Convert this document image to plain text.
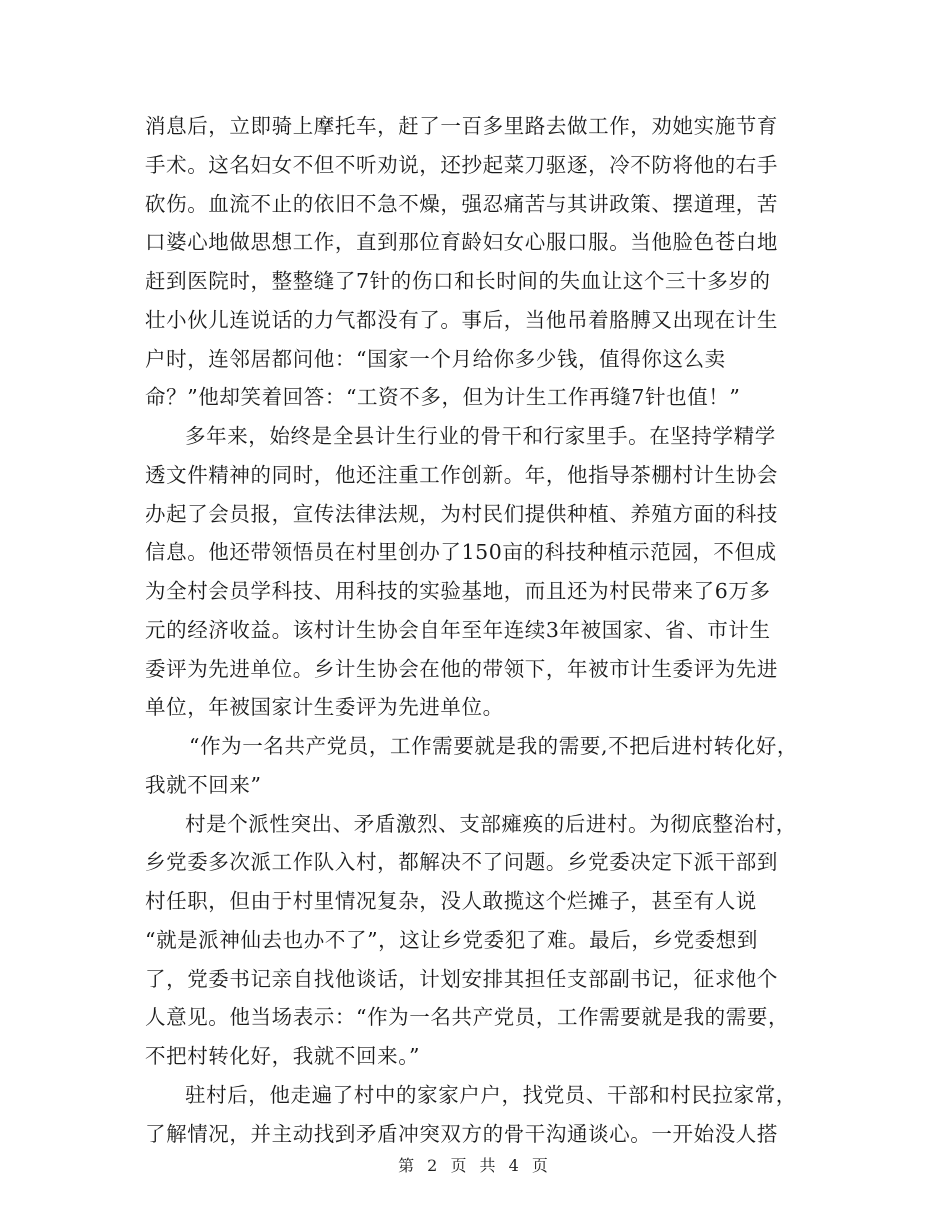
消息后，立即骑上摩托车，赶了一百多里路去做工作，劝她实施节育
手术。这名妇女不但不听劝说，还抄起菜刀驱逐，冷不防将他的右手
砍伤。血流不止的依旧不急不燥，强忍痛苦与其讲政策、摆道理，苦
口婆心地做思想工作，直到那位育龄妇女心服口服。当他脸色苍白地
赶到医院时，整整缝了7针的伤口和长时间的失血让这个三十多岁的
壮小伙儿连说话的力气都没有了。事后，当他吊着胳膊又出现在计生
户时，连邻居都问他：“国家一个月给你多少钱，值得你这么卖
命？”他却笑着回答：“工资不多，但为计生工作再缝7针也值！”
多年来，始终是全县计生行业的骨干和行家里手。在坚持学精学
透文件精神的同时，他还注重工作创新。年，他指导茶棚村计生协会
办起了会员报，宣传法律法规，为村民们提供种植、养殖方面的科技
信息。他还带领悟员在村里创办了150亩的科技种植示范园，不但成
为全村会员学科技、用科技的实验基地，而且还为村民带来了6万多
元的经济收益。该村计生协会自年至年连续3年被国家、省、市计生
委评为先进单位。乡计生协会在他的带领下，年被市计生委评为先进
单位，年被国家计生委评为先进单位。
“作为一名共产党员，工作需要就是我的需要,不把后进村转化好，
我就不回来”
村是个派性突出、矛盾激烈、支部瘫痪的后进村。为彻底整治村，
乡党委多次派工作队入村，都解决不了问题。乡党委决定下派干部到
村任职，但由于村里情况复杂，没人敢揽这个烂摊子，甚至有人说
“就是派神仙去也办不了”，这让乡党委犯了难。最后，乡党委想到
了，党委书记亲自找他谈话，计划安排其担任支部副书记，征求他个
人意见。他当场表示：“作为一名共产党员，工作需要就是我的需要，
不把村转化好，我就不回来。”
驻村后，他走遍了村中的家家户户，找党员、干部和村民拉家常，
了解情况，并主动找到矛盾冲突双方的骨干沟通谈心。一开始没人搭
第 2 页 共 4 页
